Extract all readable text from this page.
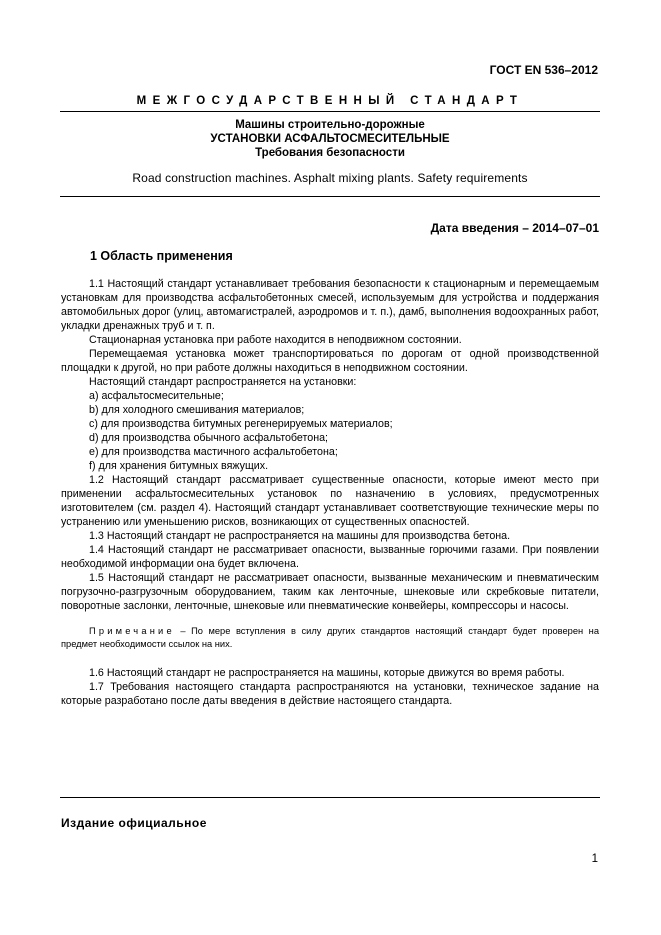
ГОСТ EN 536–2012
МЕЖГОСУДАРСТВЕННЫЙ СТАНДАРТ
Машины строительно-дорожные
УСТАНОВКИ АСФАЛЬТОСМЕСИТЕЛЬНЫЕ
Требования безопасности
Road construction machines. Asphalt mixing plants. Safety requirements
Дата введения – 2014–07–01
1 Область применения

1.1 Настоящий стандарт устанавливает требования безопасности к стационарным и перемещаемым установкам для производства асфальтобетонных смесей, используемым для устройства и поддержания автомобильных дорог (улиц, автомагистралей, аэродромов и т. п.), дамб, выполнения водоохранных работ, укладки дренажных труб и т. п.

Стационарная установка при работе находится в неподвижном состоянии.

Перемещаемая установка может транспортироваться по дорогам от одной производственной площадки к другой, но при работе должны находиться в неподвижном состоянии.

Настоящий стандарт распространяется на установки:

a) асфальтосмесительные;

b) для холодного смешивания материалов;

c) для производства битумных регенерируемых материалов;

d) для производства обычного асфальтобетона;

e) для производства мастичного асфальтобетона;

f) для хранения битумных вяжущих.

1.2 Настоящий стандарт рассматривает существенные опасности, которые имеют место при применении асфальтосмесительных установок по назначению в условиях, предусмотренных изготовителем (см. раздел 4). Настоящий стандарт устанавливает соответствующие технические меры по устранению или уменьшению рисков, возникающих от существенных опасностей.

1.3 Настоящий стандарт не распространяется на машины для производства бетона.

1.4 Настоящий стандарт не рассматривает опасности, вызванные горючими газами. При появлении необходимой информации она будет включена.

1.5 Настоящий стандарт не рассматривает опасности, вызванные механическим и пневматическим погрузочно-разгрузочным оборудованием, таким как ленточные, шнековые или скребковые питатели, поворотные заслонки, ленточные, шнековые или пневматические конвейеры, компрессоры и насосы.

Примечание – По мере вступления в силу других стандартов настоящий стандарт будет проверен на предмет необходимости ссылок на них.

1.6 Настоящий стандарт не распространяется на машины, которые движутся во время работы.

1.7 Требования настоящего стандарта распространяются на установки, техническое задание на которые разработано после даты введения в действие настоящего стандарта.

Издание официальное
1
